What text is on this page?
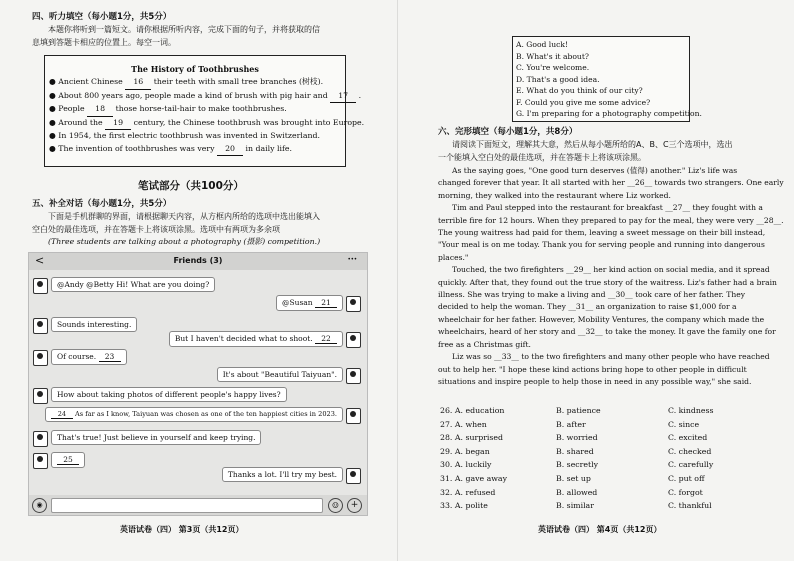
四、听力填空（每小题1分，共5分）
本题你将听到一篇短文。请你根据所听内容，完成下面的句子，并将获取的信
息填到答题卡相应的位置上。每空一词。
The History of Toothbrushes
● Ancient Chinese 16 their teeth with small tree branches (树枝).
● About 800 years ago, people made a kind of brush with pig hair and 17 .
● People 18 those horse-tail-hair to make toothbrushes.
● Around the 19 century, the Chinese toothbrush was brought into Europe.
● In 1954, the first electric toothbrush was invented in Switzerland.
● The invention of toothbrushes was very 20 in daily life.
笔试部分（共100分）
五、补全对话（每小题1分，共5分）
下面是手机群聊的界面，请根据聊天内容，从方框内所给的选项中选出能填入
空白处的最佳选项，并在答题卡上将该项涂黑。选项中有两项为多余项
(Three students are talking about a photography (摄影) competition.)
<	Friends (3)	···
@Andy @Betty Hi! What are you doing?
@Susan 21
Sounds interesting.
But I haven't decided what to shoot. 22
Of course. 23
It's about "Beautiful Taiyuan".
How about taking photos of different people's happy lives?
24 As far as I know, Taiyuan was chosen as one of the ten happiest cities in 2023.
That's true! Just believe in yourself and keep trying.
25
Thanks a lot. I'll try my best.
◉	☺	+
英语试卷（四） 第3页（共12页）
A. Good luck!
B. What's it about?
C. You're welcome.
D. That's a good idea.
E. What do you think of our city?
F. Could you give me some advice?
G. I'm preparing for a photography competition.
六、完形填空（每小题1分，共8分）
请阅读下面短文，理解其大意，然后从每小题所给的A、B、C三个选项中，选出
一个能填入空白处的最佳选项，并在答题卡上将该项涂黑。
As the saying goes, "One good turn deserves (值得) another." Liz's life was
changed forever that year. It all started with her __26__ towards two strangers. One early
morning, they walked into the restaurant where Liz worked.
Tim and Paul stepped into the restaurant for breakfast __27__ they fought with a
terrible fire for 12 hours. When they prepared to pay for the meal, they were very __28__.
The young waitress had paid for them, leaving a sweet message on their bill instead,
"Your meal is on me today. Thank you for serving people and running into dangerous
places."
Touched, the two firefighters __29__ her kind action on social media, and it spread
quickly. After that, they found out the true story of the waitress. Liz's father had a brain
illness. She was trying to make a living and __30__ took care of her father. They
decided to help the woman. They __31__ an organization to raise $1,000 for a
wheelchair for her father. However, Mobility Ventures, the company which made the
wheelchairs, heard of her story and __32__ to take the money. It gave the family one for
free as a Christmas gift.
Liz was so __33__ to the two firefighters and many other people who have reached
out to help her. "I hope these kind actions bring hope to other people in difficult
situations and inspire people to help those in need in any possible way," she said.
26. A. education	B. patience	C. kindness
27. A. when	B. after	C. since
28. A. surprised	B. worried	C. excited
29. A. began	B. shared	C. checked
30. A. luckily	B. secretly	C. carefully
31. A. gave away	B. set up	C. put off
32. A. refused	B. allowed	C. forgot
33. A. polite	B. similar	C. thankful
英语试卷（四） 第4页（共12页）
